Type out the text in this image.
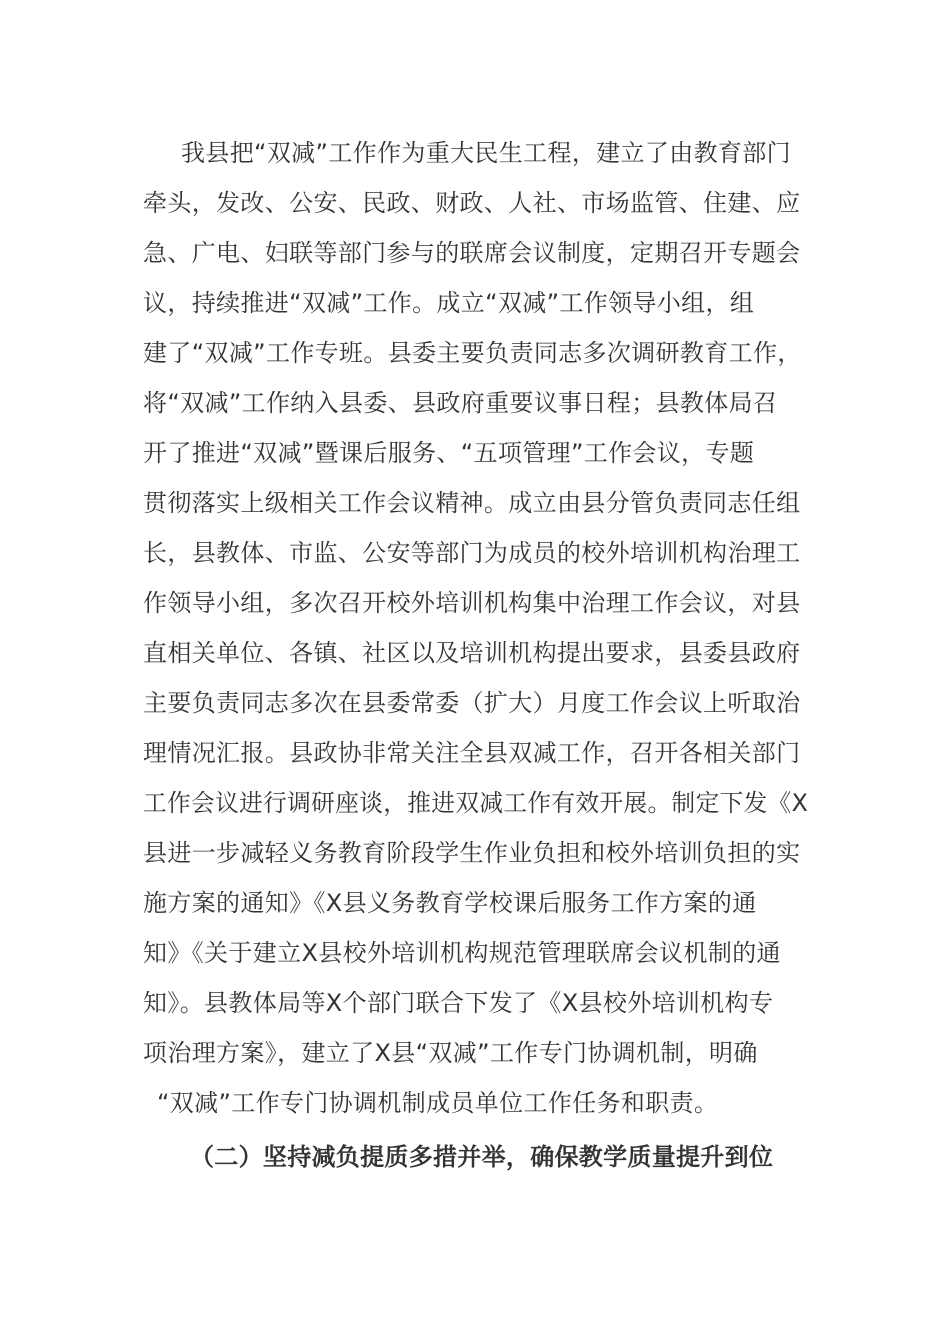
我县把“双减”工作作为重大民生工程，建立了由教育部门
牵头，发改、公安、民政、财政、人社、市场监管、住建、应
急、广电、妇联等部门参与的联席会议制度，定期召开专题会
议，持续推进“双减”工作。成立“双减”工作领导小组，组
建了“双减”工作专班。县委主要负责同志多次调研教育工作，
将“双减”工作纳入县委、县政府重要议事日程；县教体局召
开了推进“双减”暨课后服务、“五项管理”工作会议，专题
贯彻落实上级相关工作会议精神。成立由县分管负责同志任组
长，县教体、市监、公安等部门为成员的校外培训机构治理工
作领导小组，多次召开校外培训机构集中治理工作会议，对县
直相关单位、各镇、社区以及培训机构提出要求，县委县政府
主要负责同志多次在县委常委（扩大）月度工作会议上听取治
理情况汇报。县政协非常关注全县双减工作，召开各相关部门
工作会议进行调研座谈，推进双减工作有效开展。制定下发《X
县进一步减轻义务教育阶段学生作业负担和校外培训负担的实
施方案的通知》《X县义务教育学校课后服务工作方案的通
知》《关于建立X县校外培训机构规范管理联席会议机制的通
知》。县教体局等X个部门联合下发了《X县校外培训机构专
项治理方案》，建立了X县“双减”工作专门协调机制，明确
“双减”工作专门协调机制成员单位工作任务和职责。
（二）坚持减负提质多措并举，确保教学质量提升到位
